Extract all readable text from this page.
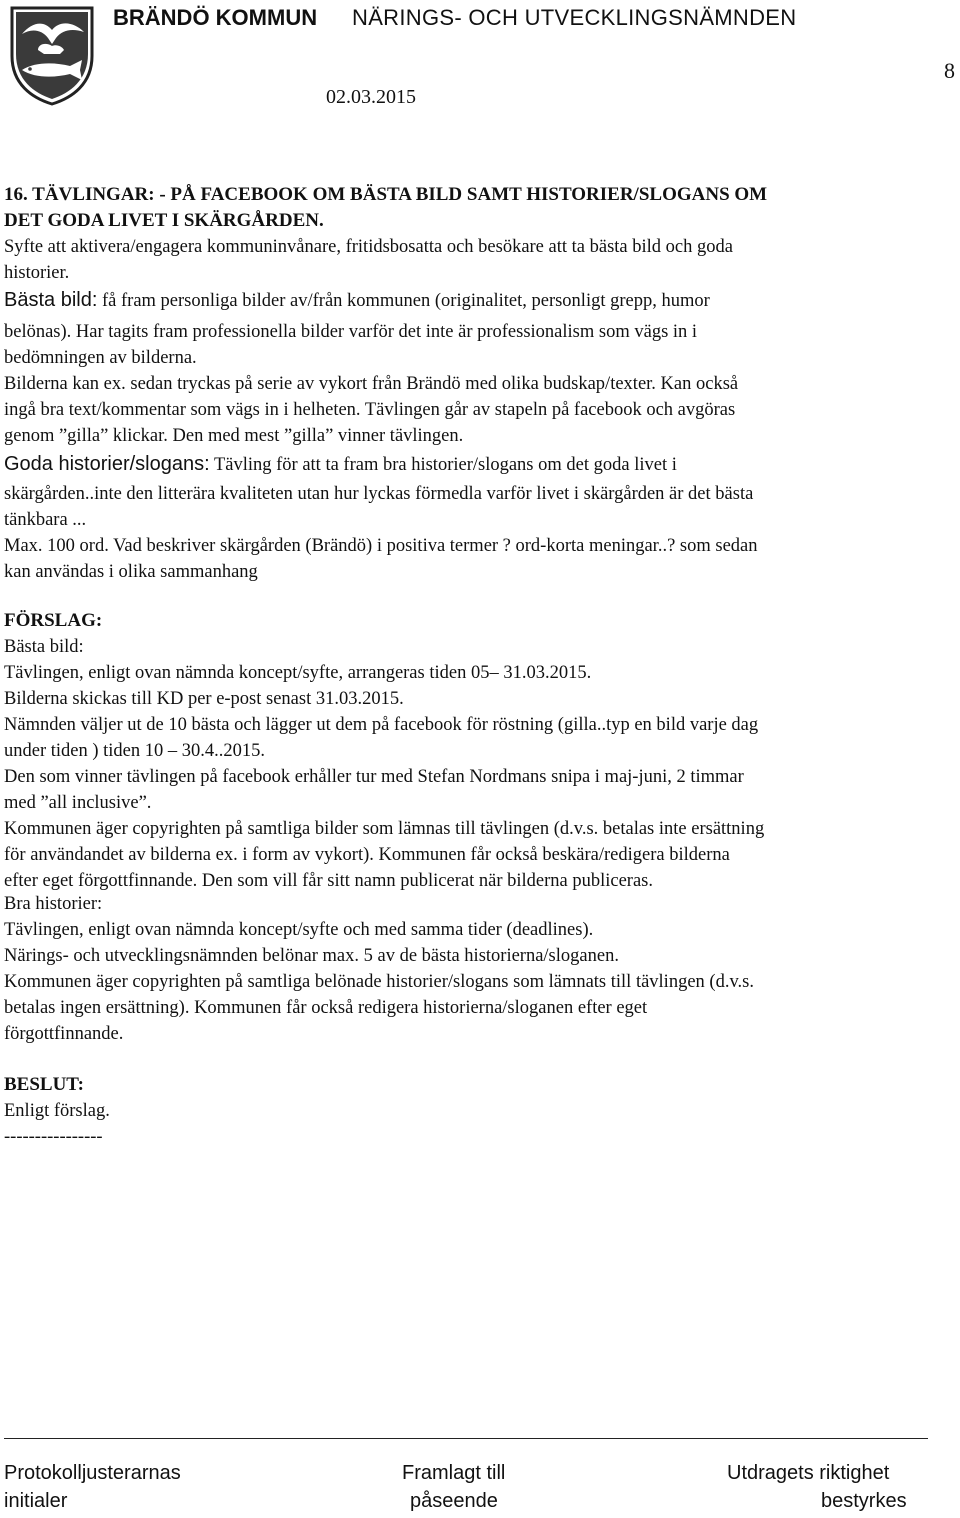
BRÄNDÖ KOMMUN NÄRINGS- OCH UTVECKLINGSNÄMNDEN
02.03.2015
8
16. TÄVLINGAR: - PÅ FACEBOOK OM BÄSTA BILD SAMT HISTORIER/SLOGANS OM
DET GODA LIVET I SKÄRGÅRDEN.
Syfte att aktivera/engagera kommuninvånare, fritidsbosatta och besökare att ta bästa bild och goda
historier.
Bästa bild: få fram personliga bilder av/från kommunen (originalitet, personligt grepp, humor
belönas). Har tagits fram professionella bilder varför det inte är professionalism som vägs in i
bedömningen av bilderna.
Bilderna kan ex. sedan tryckas på serie av vykort från Brändö med olika budskap/texter. Kan också
ingå bra text/kommentar som vägs in i helheten. Tävlingen går av stapeln på facebook och avgöras
genom ”gilla” klickar. Den med mest ”gilla” vinner tävlingen.
Goda historier/slogans: Tävling för att ta fram bra historier/slogans om det goda livet i
skärgården..inte den litterära kvaliteten utan hur lyckas förmedla varför livet i skärgården är det bästa
tänkbara ...
Max. 100 ord. Vad beskriver skärgården (Brändö) i positiva termer ? ord-korta meningar..? som sedan
kan användas i olika sammanhang
FÖRSLAG:
Bästa bild:
Tävlingen, enligt ovan nämnda koncept/syfte, arrangeras tiden 05– 31.03.2015.
Bilderna skickas till KD per e-post senast 31.03.2015.
Nämnden väljer ut de 10 bästa och lägger ut dem på facebook för röstning (gilla..typ en bild varje dag
under tiden ) tiden 10 – 30.4..2015.
Den som vinner tävlingen på facebook erhåller tur med Stefan Nordmans snipa i maj-juni, 2 timmar
med ”all inclusive”.
Kommunen äger copyrighten på samtliga bilder som lämnas till tävlingen (d.v.s. betalas inte ersättning
för användandet av bilderna ex. i form av vykort). Kommunen får också beskära/redigera bilderna
efter eget förgottfinnande. Den som vill får sitt namn publicerat när bilderna publiceras.
Bra historier:
Tävlingen, enligt ovan nämnda koncept/syfte och med samma tider (deadlines).
Närings- och utvecklingsnämnden belönar max. 5 av de bästa historierna/sloganen.
Kommunen äger copyrighten på samtliga belönade historier/slogans som lämnats till tävlingen (d.v.s.
betalas ingen ersättning). Kommunen får också redigera historierna/sloganen efter eget
förgottfinnande.
BESLUT:
Enligt förslag.
----------------
Protokolljusterarnas
initialer
Framlagt till
påseende
Utdragets riktighet
bestyrkes
